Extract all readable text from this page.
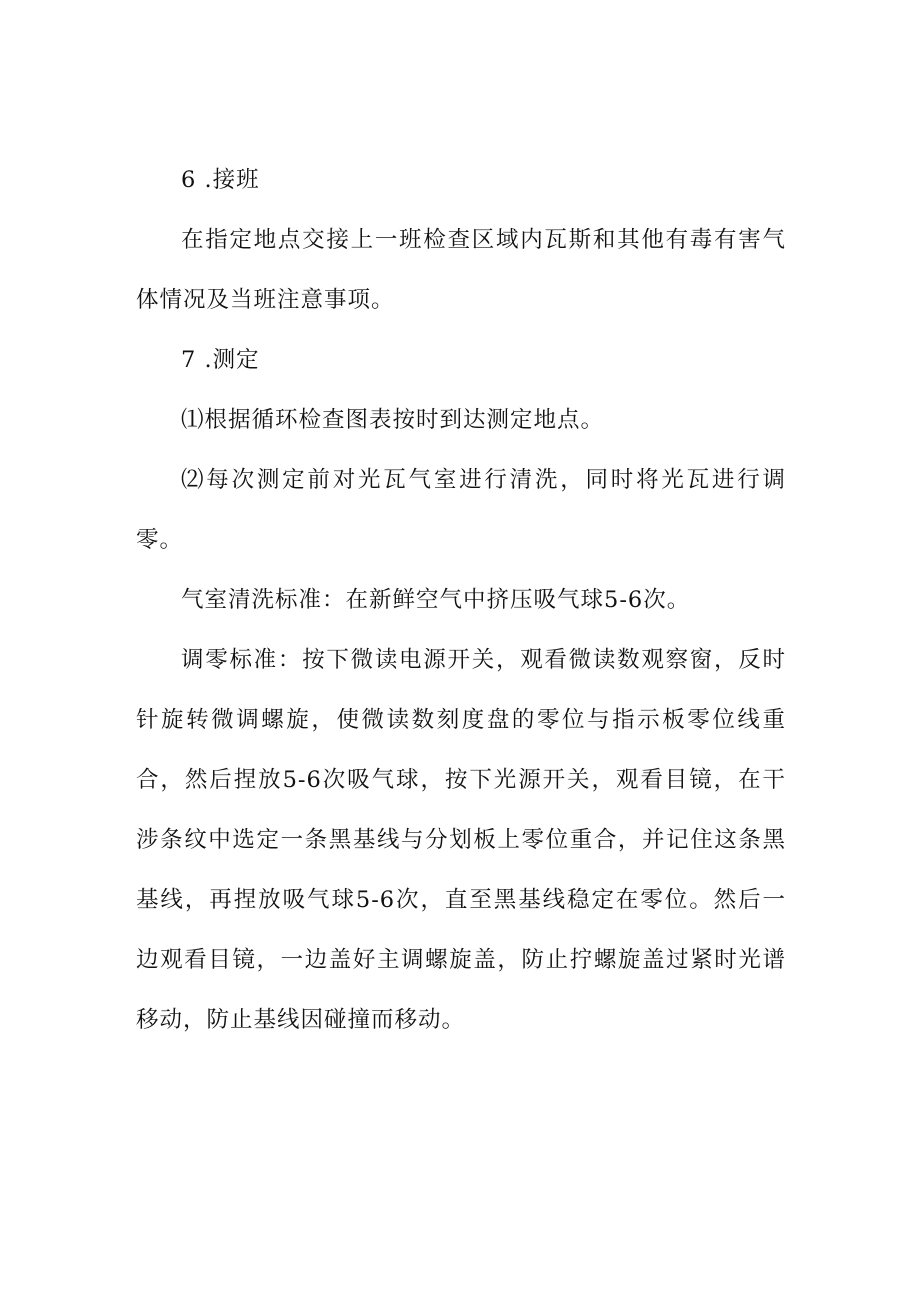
6 .接班

在指定地点交接上一班检查区域内瓦斯和其他有毒有害气体情况及当班注意事项。

7 .测定

⑴根据循环检查图表按时到达测定地点。

⑵每次测定前对光瓦气室进行清洗，同时将光瓦进行调零。

气室清洗标准：在新鲜空气中挤压吸气球5-6次。

调零标准：按下微读电源开关，观看微读数观察窗，反时针旋转微调螺旋，使微读数刻度盘的零位与指示板零位线重合，然后捏放5-6次吸气球，按下光源开关，观看目镜，在干涉条纹中选定一条黑基线与分划板上零位重合，并记住这条黑基线，再捏放吸气球5-6次，直至黑基线稳定在零位。然后一边观看目镜，一边盖好主调螺旋盖，防止拧螺旋盖过紧时光谱移动，防止基线因碰撞而移动。
